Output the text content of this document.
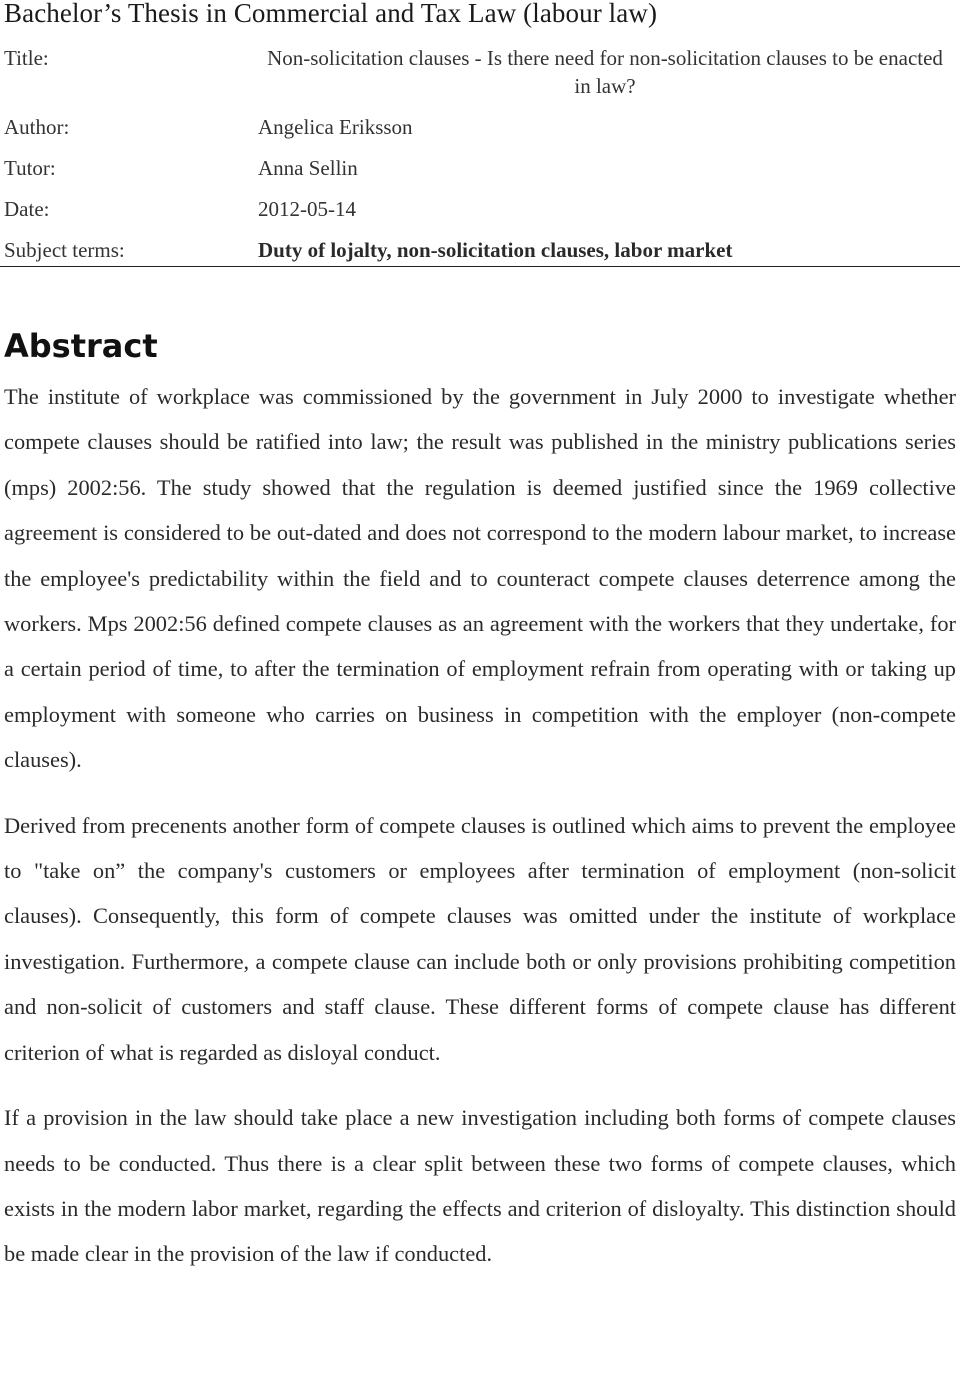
Bachelor’s Thesis in Commercial and Tax Law (labour law)
Title:	Non-solicitation clauses - Is there need for non-solicitation clauses to be enacted in law?
Author:	Angelica Eriksson
Tutor:	Anna Sellin
Date:	2012-05-14
Subject terms:	Duty of lojalty, non-solicitation clauses, labor market
Abstract

The institute of workplace was commissioned by the government in July 2000 to investigate whether compete clauses should be ratified into law; the result was published in the ministry publications series (mps) 2002:56. The study showed that the regulation is deemed justified since the 1969 collective agreement is considered to be out-dated and does not correspond to the modern labour market, to increase the employee's predictability within the field and to counteract compete clauses deterrence among the workers. Mps 2002:56 defined compete clauses as an agreement with the workers that they undertake, for a certain period of time, to after the termination of employment refrain from operating with or taking up employment with someone who carries on business in competition with the employer (non-compete clauses).

Derived from precenents another form of compete clauses is outlined which aims to prevent the employee to "take on” the company's customers or employees after termination of employment (non-solicit clauses). Consequently, this form of compete clauses was omitted under the institute of workplace investigation. Furthermore, a compete clause can include both or only provisions prohibiting competition and non-solicit of customers and staff clause. These different forms of compete clause has different criterion of what is regarded as disloyal conduct.

If a provision in the law should take place a new investigation including both forms of compete clauses needs to be conducted. Thus there is a clear split between these two forms of compete clauses, which exists in the modern labor market, regarding the effects and criterion of disloyalty. This distinction should be made clear in the provision of the law if conducted.
